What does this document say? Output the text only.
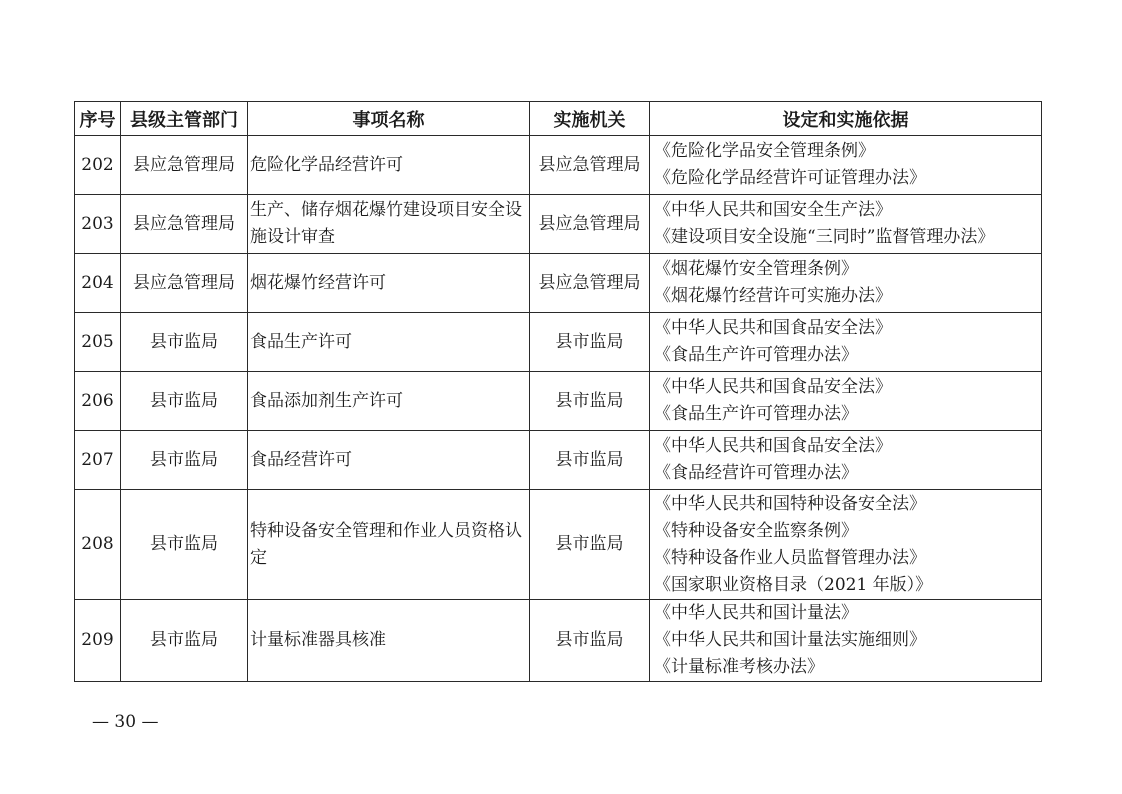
序号	县级主管部门	事项名称	实施机关	设定和实施依据
202	县应急管理局	危险化学品经营许可	县应急管理局	《危险化学品安全管理条例》
《危险化学品经营许可证管理办法》

203	县应急管理局	生产、储存烟花爆竹建设项目安全设施设计审查	县应急管理局	《中华人民共和国安全生产法》
《建设项目安全设施“三同时”监督管理办法》

204	县应急管理局	烟花爆竹经营许可	县应急管理局	《烟花爆竹安全管理条例》
《烟花爆竹经营许可实施办法》

205	县市监局	食品生产许可	县市监局	《中华人民共和国食品安全法》
《食品生产许可管理办法》

206	县市监局	食品添加剂生产许可	县市监局	《中华人民共和国食品安全法》
《食品生产许可管理办法》

207	县市监局	食品经营许可	县市监局	《中华人民共和国食品安全法》
《食品经营许可管理办法》

208	县市监局	特种设备安全管理和作业人员资格认定	县市监局	《中华人民共和国特种设备安全法》
《特种设备安全监察条例》
《特种设备作业人员监督管理办法》
《国家职业资格目录（2021 年版）》

209	县市监局	计量标准器具核准	县市监局	《中华人民共和国计量法》
《中华人民共和国计量法实施细则》
《计量标准考核办法》
— 30 —
